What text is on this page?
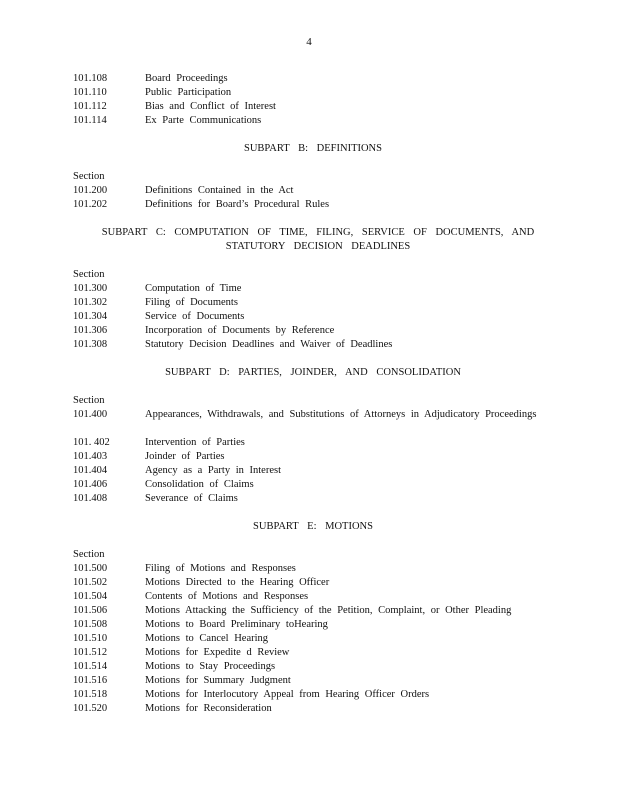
4
101.108	Board Proceedings
101.110	Public Participation
101.112	Bias and Conflict of Interest
101.114	Ex Parte Communications
SUBPART B: DEFINITIONS
Section
101.200	Definitions Contained in the Act
101.202	Definitions for Board’s Procedural Rules
SUBPART C: COMPUTATION OF TIME, FILING, SERVICE OF DOCUMENTS, AND STATUTORY DECISION DEADLINES
Section
101.300	Computation of Time
101.302	Filing of Documents
101.304	Service of Documents
101.306	Incorporation of Documents by Reference
101.308	Statutory Decision Deadlines and Waiver of Deadlines
SUBPART D: PARTIES, JOINDER, AND CONSOLIDATION
Section
101.400	Appearances, Withdrawals, and Substitutions of Attorneys in Adjudicatory Proceedings
101. 402	Intervention of Parties
101.403	Joinder of Parties
101.404	Agency as a Party in Interest
101.406	Consolidation of Claims
101.408	Severance of Claims
SUBPART E: MOTIONS
Section
101.500	Filing of Motions and Responses
101.502	Motions Directed to the Hearing Officer
101.504	Contents of Motions and Responses
101.506	Motions Attacking the Sufficiency of the Petition, Complaint, or Other Pleading
101.508	Motions to Board Preliminary toHearing
101.510	Motions to Cancel Hearing
101.512	Motions for Expedite d Review
101.514	Motions to Stay Proceedings
101.516	Motions for Summary Judgment
101.518	Motions for Interlocutory Appeal from Hearing Officer Orders
101.520	Motions for Reconsideration
